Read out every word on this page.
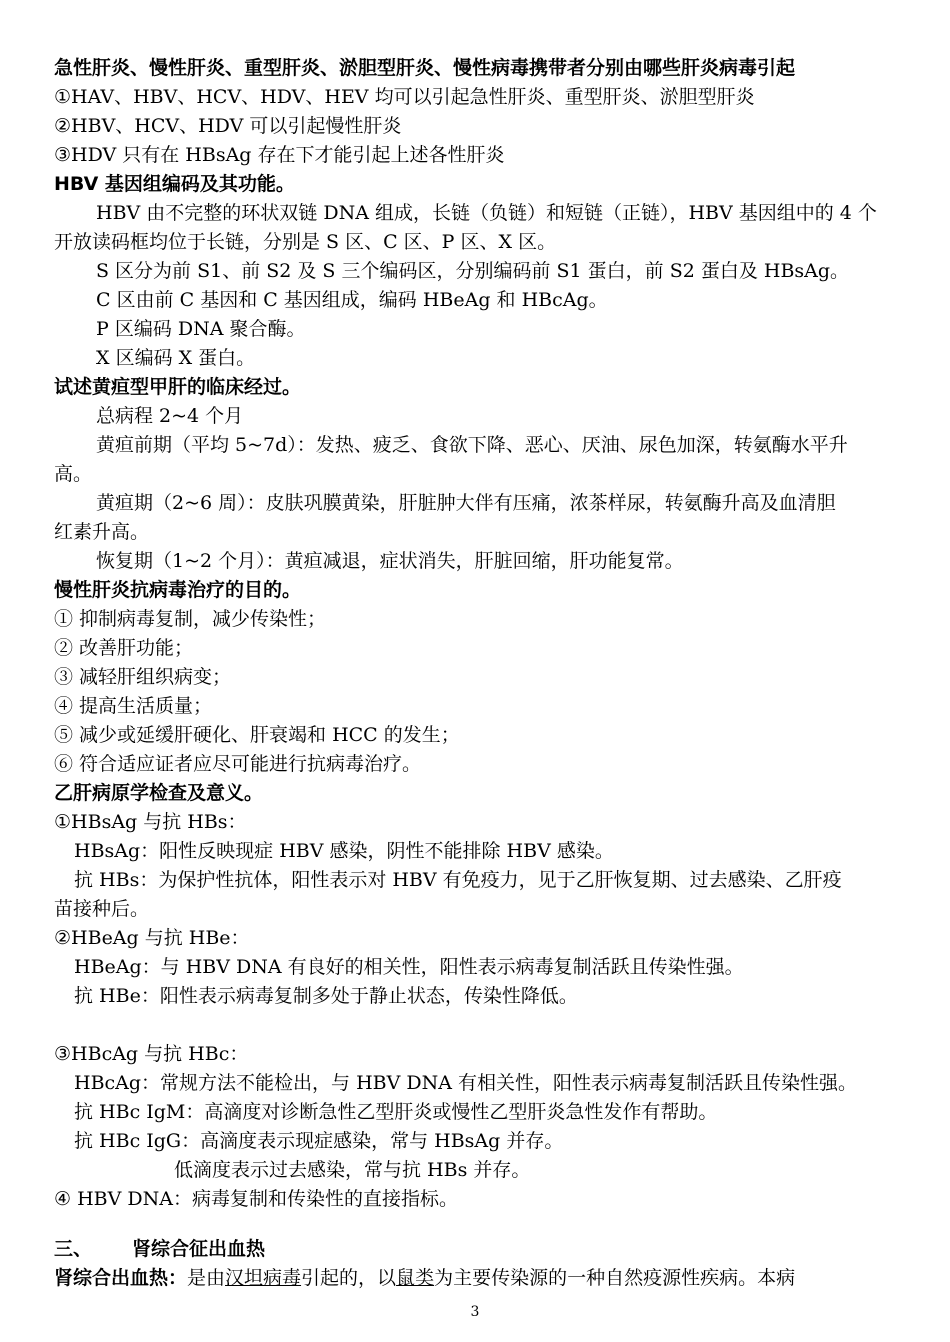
急性肝炎、慢性肝炎、重型肝炎、淤胆型肝炎、慢性病毒携带者分别由哪些肝炎病毒引起
①HAV、HBV、HCV、HDV、HEV 均可以引起急性肝炎、重型肝炎、淤胆型肝炎
②HBV、HCV、HDV 可以引起慢性肝炎
③HDV 只有在 HBsAg 存在下才能引起上述各性肝炎
HBV 基因组编码及其功能。
HBV 由不完整的环状双链 DNA 组成，长链（负链）和短链（正链），HBV 基因组中的 4 个
开放读码框均位于长链，分别是 S 区、C 区、P 区、X 区。
S 区分为前 S1、前 S2 及 S 三个编码区，分别编码前 S1 蛋白，前 S2 蛋白及 HBsAg。
C 区由前 C 基因和 C 基因组成，编码 HBeAg 和 HBcAg。
P 区编码 DNA 聚合酶。
X 区编码 X 蛋白。
试述黄疸型甲肝的临床经过。
总病程 2~4 个月
黄疸前期（平均 5~7d）：发热、疲乏、食欲下降、恶心、厌油、尿色加深，转氨酶水平升
高。
黄疸期（2~6 周）：皮肤巩膜黄染，肝脏肿大伴有压痛，浓茶样尿，转氨酶升高及血清胆
红素升高。
恢复期（1~2 个月）：黄疸减退，症状消失，肝脏回缩，肝功能复常。
慢性肝炎抗病毒治疗的目的。
① 抑制病毒复制，减少传染性；
② 改善肝功能；
③ 减轻肝组织病变；
④ 提高生活质量；
⑤ 减少或延缓肝硬化、肝衰竭和 HCC 的发生；
⑥ 符合适应证者应尽可能进行抗病毒治疗。
乙肝病原学检查及意义。
①HBsAg 与抗 HBs：
HBsAg：阳性反映现症 HBV 感染，阴性不能排除 HBV 感染。
抗 HBs：为保护性抗体，阳性表示对 HBV 有免疫力，见于乙肝恢复期、过去感染、乙肝疫
苗接种后。
②HBeAg 与抗 HBe：
HBeAg：与 HBV DNA 有良好的相关性，阳性表示病毒复制活跃且传染性强。
抗 HBe：阳性表示病毒复制多处于静止状态，传染性降低。
③HBcAg 与抗 HBc：
HBcAg：常规方法不能检出，与 HBV DNA 有相关性，阳性表示病毒复制活跃且传染性强。
抗 HBc IgM：高滴度对诊断急性乙型肝炎或慢性乙型肝炎急性发作有帮助。
抗 HBc IgG：高滴度表示现症感染，常与 HBsAg 并存。
低滴度表示过去感染，常与抗 HBs 并存。
④ HBV DNA：病毒复制和传染性的直接指标。
三、 肾综合征出血热
肾综合出血热：是由汉坦病毒引起的，以鼠类为主要传染源的一种自然疫源性疾病。本病
3
